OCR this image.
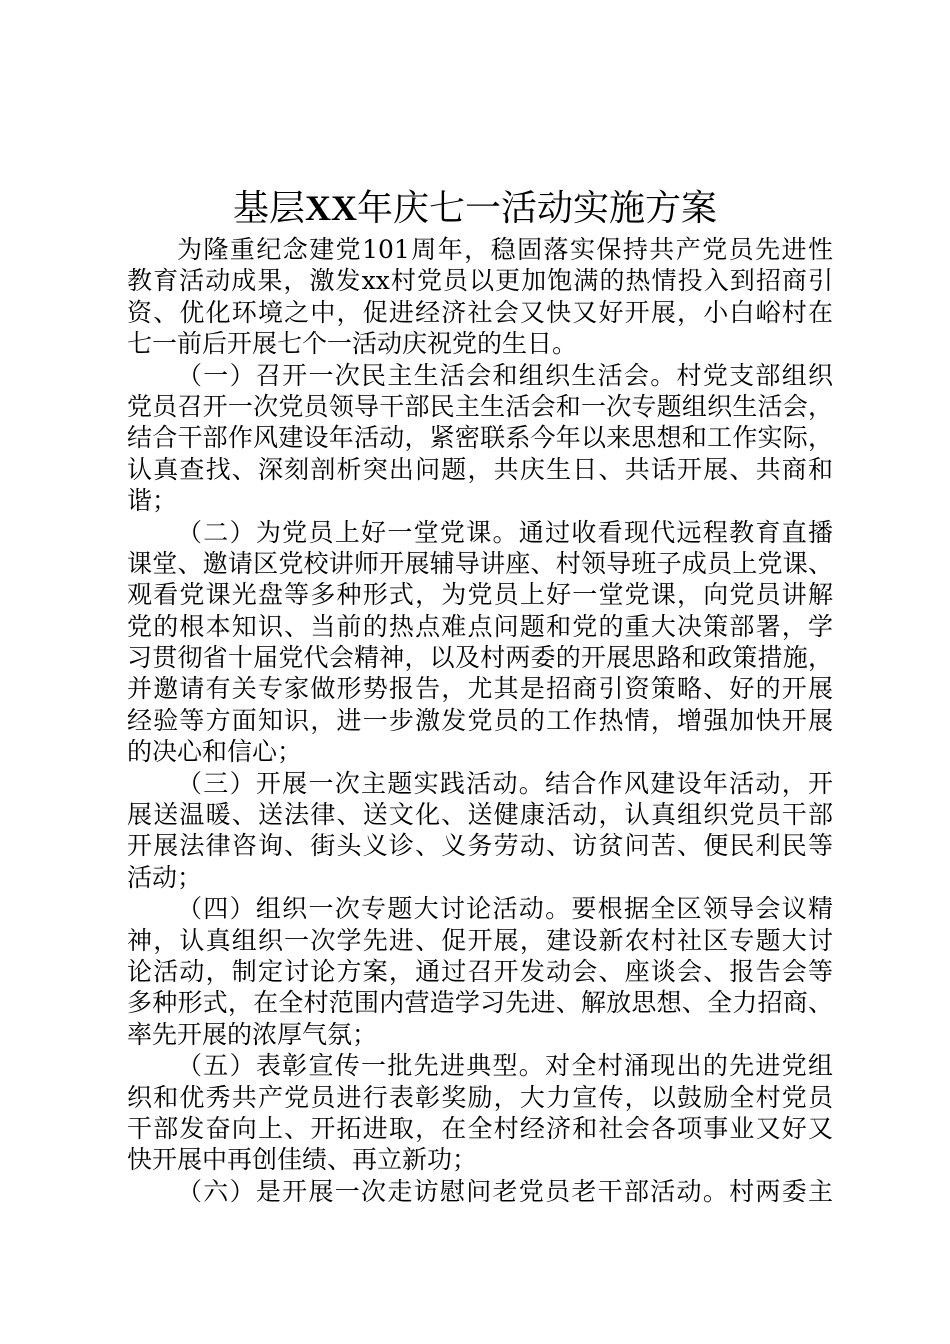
基层XX年庆七一活动实施方案
为隆重纪念建党101周年，稳固落实保持共产党员先进性
教育活动成果，激发xx村党员以更加饱满的热情投入到招商引
资、优化环境之中，促进经济社会又快又好开展，小白峪村在
七一前后开展七个一活动庆祝党的生日。
（一）召开一次民主生活会和组织生活会。村党支部组织
党员召开一次党员领导干部民主生活会和一次专题组织生活会，
结合干部作风建设年活动，紧密联系今年以来思想和工作实际，
认真查找、深刻剖析突出问题，共庆生日、共话开展、共商和
谐；
（二）为党员上好一堂党课。通过收看现代远程教育直播
课堂、邀请区党校讲师开展辅导讲座、村领导班子成员上党课、
观看党课光盘等多种形式，为党员上好一堂党课，向党员讲解
党的根本知识、当前的热点难点问题和党的重大决策部署，学
习贯彻省十届党代会精神，以及村两委的开展思路和政策措施，
并邀请有关专家做形势报告，尤其是招商引资策略、好的开展
经验等方面知识，进一步激发党员的工作热情，增强加快开展
的决心和信心；
（三）开展一次主题实践活动。结合作风建设年活动，开
展送温暖、送法律、送文化、送健康活动，认真组织党员干部
开展法律咨询、街头义诊、义务劳动、访贫问苦、便民利民等
活动；
（四）组织一次专题大讨论活动。要根据全区领导会议精
神，认真组织一次学先进、促开展，建设新农村社区专题大讨
论活动，制定讨论方案，通过召开发动会、座谈会、报告会等
多种形式，在全村范围内营造学习先进、解放思想、全力招商、
率先开展的浓厚气氛；
（五）表彰宣传一批先进典型。对全村涌现出的先进党组
织和优秀共产党员进行表彰奖励，大力宣传，以鼓励全村党员
干部发奋向上、开拓进取，在全村经济和社会各项事业又好又
快开展中再创佳绩、再立新功；
（六）是开展一次走访慰问老党员老干部活动。村两委主
